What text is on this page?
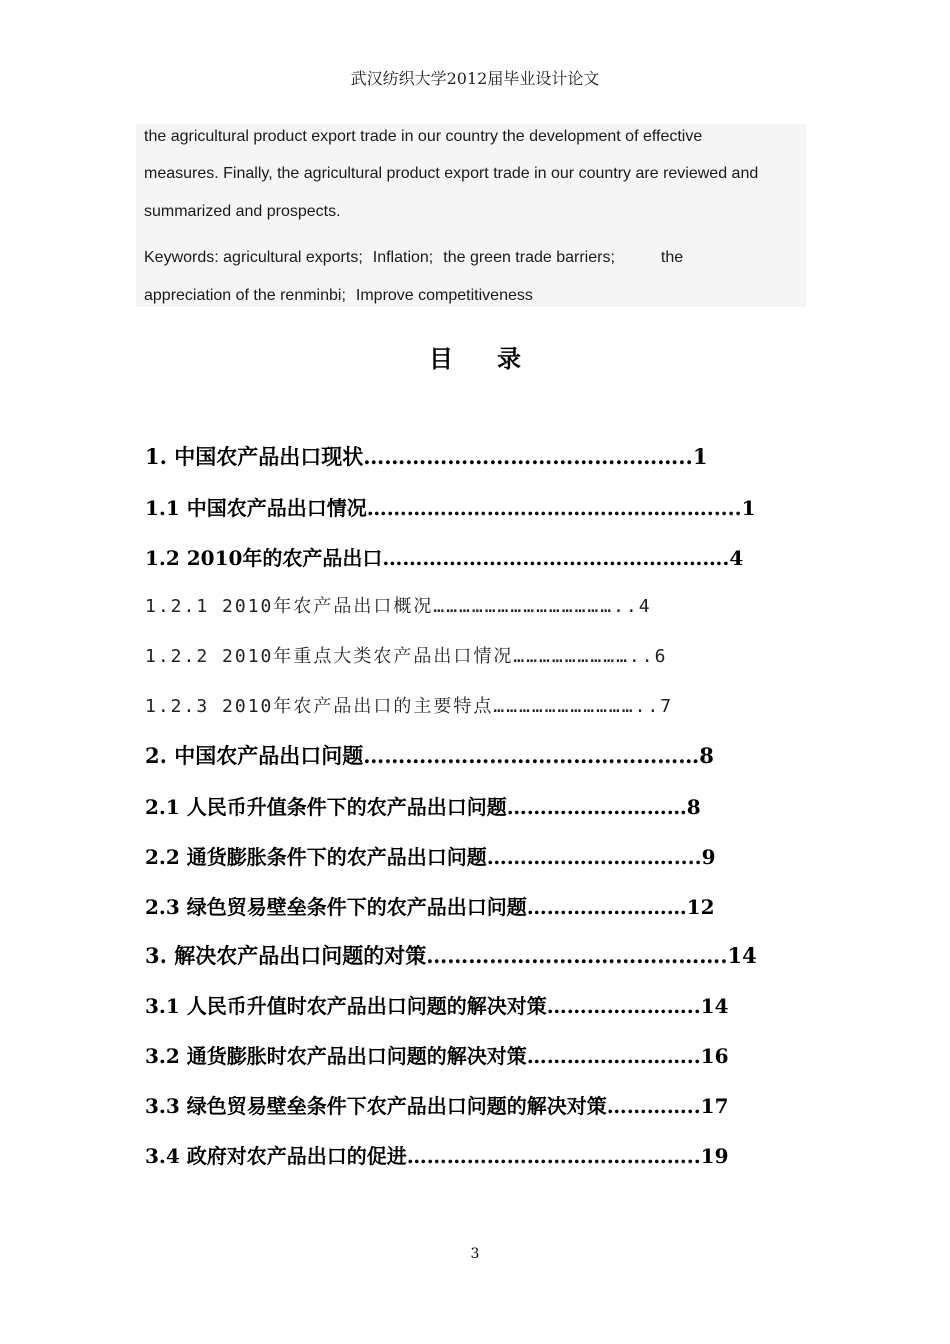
武汉纺织大学2012届毕业设计论文
the agricultural product export trade in our country the development of effective
measures. Finally, the agricultural product export trade in our country are reviewed and
summarized and prospects.
Keywords: agricultural exports; Inflation; the green trade barriers;	the
appreciation of the renminbi; Improve competitiveness
目录
1. 中国农产品出口现状………………………………………..1
1.1 中国农产品出口情况…………………………………………….....1
1.2 2010年的农产品出口…………………………………………….4
1.2.1 2010年农产品出口概况……………………………………..4
1.2.2 2010年重点大类农产品出口情况………………………..6
1.2.3 2010年农产品出口的主要特点……………………………..7
2. 中国农产品出口问题…………………………………………8
2.1 人民币升值条件下的农产品出口问题………………………8
2.2 通货膨胀条件下的农产品出口问题……………………….....9
2.3 绿色贸易壁垒条件下的农产品出口问题……………………12
3. 解决农产品出口问题的对策…………………………………….14
3.1 人民币升值时农产品出口问题的解决对策…………………..14
3.2 通货膨胀时农产品出口问题的解决对策……………………..16
3.3 绿色贸易壁垒条件下农产品出口问题的解决对策…………..17
3.4 政府对农产品出口的促进……………………………………..19
3
